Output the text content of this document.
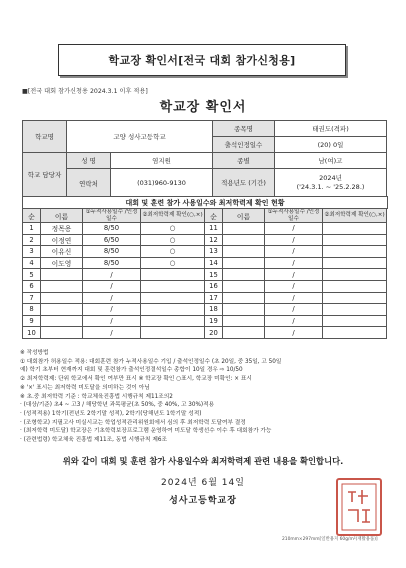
학교장 확인서[전국 대회 참가신청용]
■[전국 대회 참가신청용 2024.3.1 이후 적용]
학교장 확인서
학교명	고양 성사고등학교		종목명	태권도(격파)
			출석인정일수	(20) 0일
학교 담당자	성 명	염지원	종별	남(여)고
	연락처	(031)960-9130	적용년도 (기간)	2024년
('24.3.1. ~ '25.2.28.)
대회 및 훈련 참가 사용일수와 최저학력제 확인 현황
순	이름	①누적사용일수 /인정일수	②최저학력제 확인(○,×)	순	이름	①누적사용일수 /인정일수	②최저학력제 확인(○,×)
1	정목용	8/50	○	11		/	
2	이정연	6/50	○	12		/	
3	이유신	8/50	○	13		/	
4	이도영	8/50	○	14		/	
5		/		15		/	
6		/		16		/	
7		/		17		/	
8		/		18		/	
9		/		19		/	
10		/		20		/	
※ 작성방법
① 대회참가 허용일수 적용: 대회훈련 참가 누적사용일수 기입 / 출석인정일수 (초 20일, 중 35일, 고 50일
예) 학기 초부터 현재까지 대회 및 훈련참가 출석인정결석일수 총합이 10일 경우 ⇨ 10/50
② 최저학력제: 단위 학교에서 확인 여부만 표시 ※ 학교장 확인 ○표시, 학교장 미확인: × 표시
※ '×' 표시는 최저학력 미도달을 의미하는 것이 아님
※ 초.중 최저학력 기준 : 학교체육진흥법 시행규칙 제11조의2
· (대상/기준) 초4 ~ 고3 / 해당학년 과목평균(초 50%, 중 40%, 고 30%)적용
· (성적적용) 1학기(전년도 2학기말 성적), 2학기(당해년도 1학기말 성적)
· (조형학교) 지필고사 미실시교는 학업성적관리위원회에서 심의 후 최저학력 도달여부 결정
· (최저학력 미도달) 학교장은 기초학력보장프로그램 운영하여 미도달 학생선수 이수 후 대회참가 가능
· (관련법령) 학교체육 진흥법 제11조, 동법 시행규칙 제6조
위와 같이 대회 및 훈련 참가 사용일수와 최저학력제 관련 내용을 확인합니다.
2024년 6월 14일
성사고등학교장
210mm×297mm[일반용지 60g/m²(재활용품)]
